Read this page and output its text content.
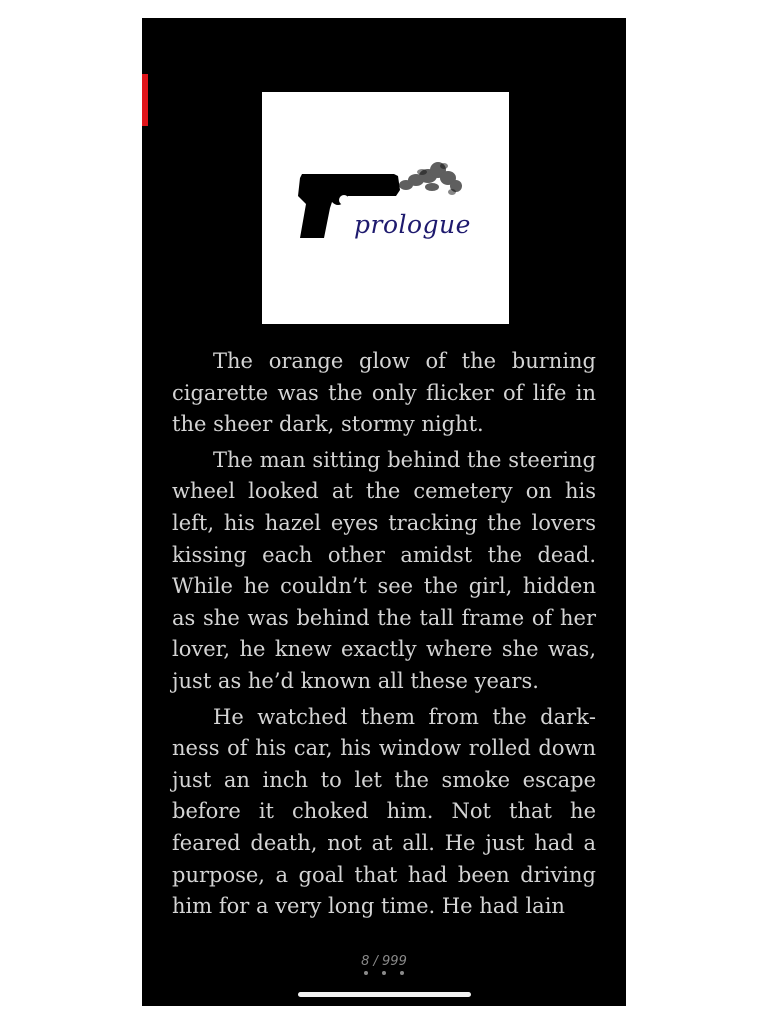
prologue

The orange glow of the burning cigarette was the only flicker of life in the sheer dark, stormy night.

The man sitting behind the steering wheel looked at the cemetery on his left, his hazel eyes tracking the lovers kissing each other amidst the dead. While he couldn’t see the girl, hidden as she was behind the tall frame of her lover, he knew exactly where she was, just as he’d known all these years.

He watched them from the darkness of his car, his window rolled down just an inch to let the smoke escape before it choked him. Not that he feared death, not at all. He just had a purpose, a goal that had been driving him for a very long time. He had lain

8 / 999
